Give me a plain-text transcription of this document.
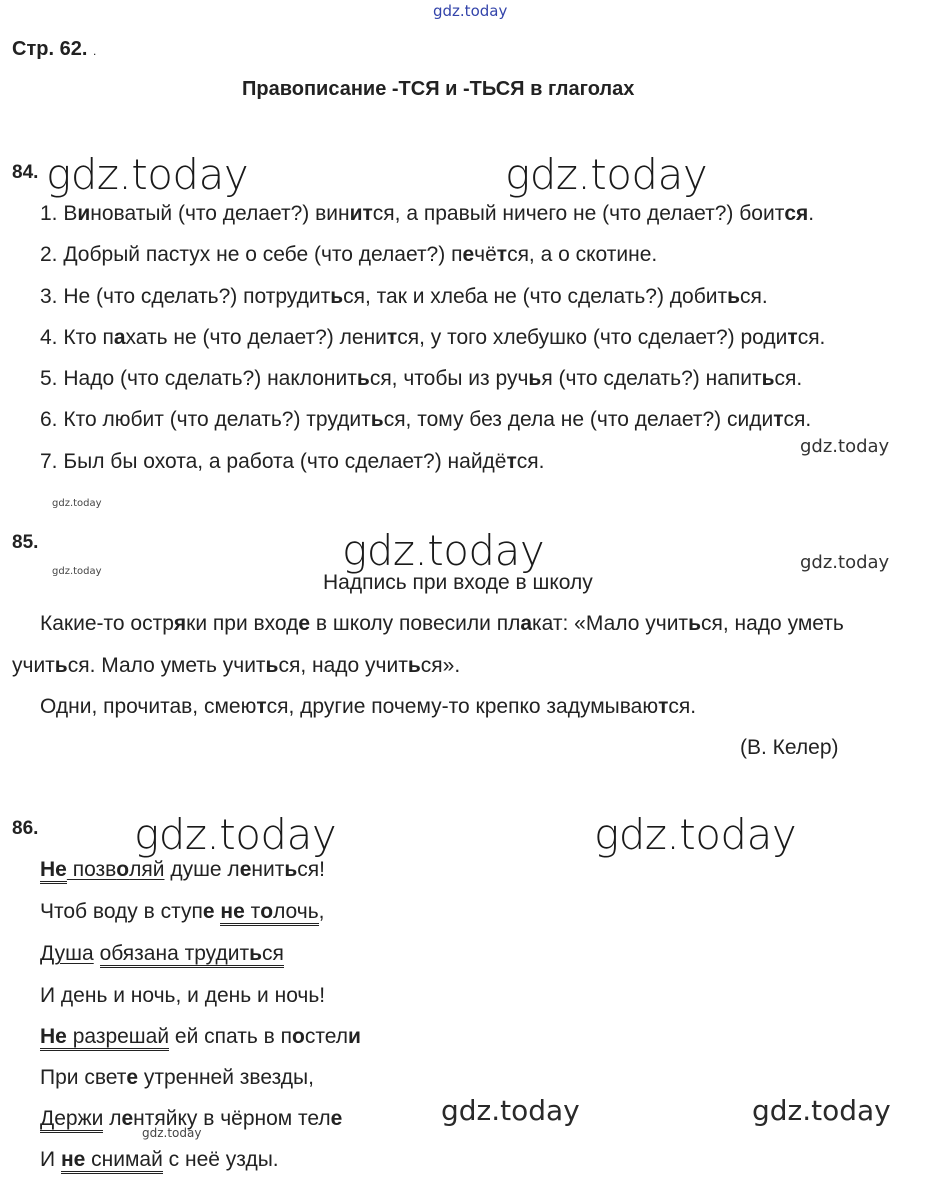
gdz.today
Стр. 62. .
Правописание -ТСЯ и -ТЬСЯ в глаголах
84. gdz.today	gdz.today
1. Виноватый (что делает?) винится, а правый ничего не (что делает?) боится.
2. Добрый пастух не о себе (что делает?) печётся, а о скотине.
3. Не (что сделать?) потрудиться, так и хлеба не (что сделать?) добиться.
4. Кто пахать не (что делает?) ленится, у того хлебушко (что сделает?) родится.
5. Надо (что сделать?) наклониться, чтобы из ручья (что сделать?) напиться.
6. Кто любит (что делать?) трудиться, тому без дела не (что делает?) сидится.
gdz.today
7. Был бы охота, а работа (что сделает?) найдётся.
gdz.today
85.	gdz.today
gdz.today	gdz.today
Надпись при входе в школу
Какие-то остряки при входе в школу повесили плакат: «Мало учиться, надо уметь
учиться. Мало уметь учиться, надо учиться».
Одни, прочитав, смеются, другие почему-то крепко задумываются.
(В. Келер)
86. gdz.today	gdz.today
Не позволяй душе лениться!
Чтоб воду в ступе не толочь,
Душа обязана трудиться
И день и ночь, и день и ночь!
Не разрешай ей спать в постели
При свете утренней звезды,
Держи лентяйку в чёрном теле	gdz.today	gdz.today
gdz.today
И не снимай с неё узды.
